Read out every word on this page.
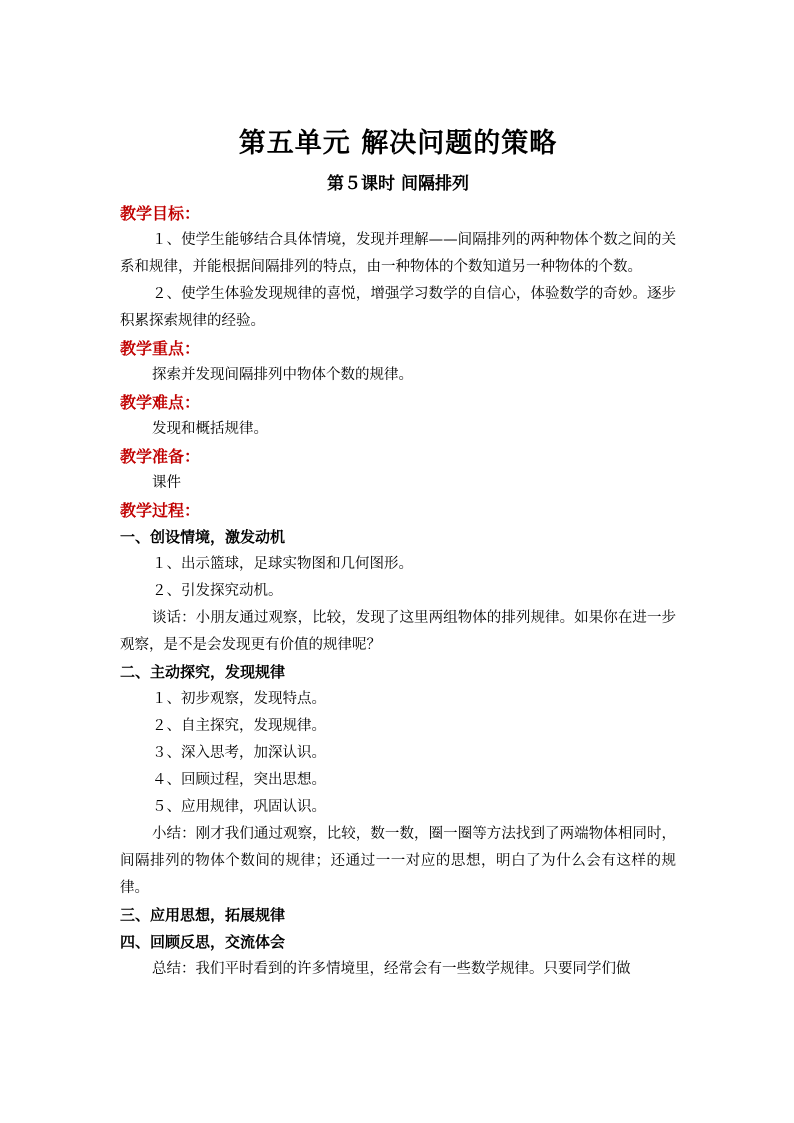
第五单元 解决问题的策略
第５课时 间隔排列

教学目标：

１、使学生能够结合具体情境，发现并理解——间隔排列的两种物体个数之间的关系和规律，并能根据间隔排列的特点，由一种物体的个数知道另一种物体的个数。

２、使学生体验发现规律的喜悦，增强学习数学的自信心，体验数学的奇妙。逐步积累探索规律的经验。

教学重点：

探索并发现间隔排列中物体个数的规律。

教学难点：

发现和概括规律。

教学准备：

课件

教学过程：

一、创设情境，激发动机

１、出示篮球，足球实物图和几何图形。

２、引发探究动机。

谈话：小朋友通过观察，比较，发现了这里两组物体的排列规律。如果你在进一步观察，是不是会发现更有价值的规律呢？

二、主动探究，发现规律

１、初步观察，发现特点。

２、自主探究，发现规律。

３、深入思考，加深认识。

４、回顾过程，突出思想。

５、应用规律，巩固认识。

小结：刚才我们通过观察，比较，数一数，圈一圈等方法找到了两端物体相同时，间隔排列的物体个数间的规律；还通过一一对应的思想，明白了为什么会有这样的规律。

三、应用思想，拓展规律

四、回顾反思，交流体会

总结：我们平时看到的许多情境里，经常会有一些数学规律。只要同学们做
